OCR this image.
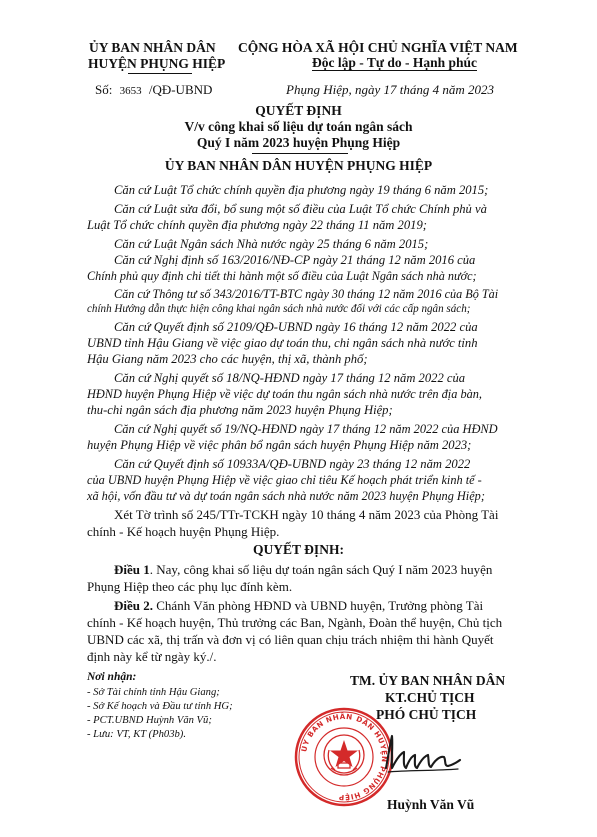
ỦY BAN NHÂN DÂN
HUYỆN PHỤNG HIỆP
CỘNG HÒA XÃ HỘI CHỦ NGHĨA VIỆT NAM
Độc lập - Tự do - Hạnh phúc
Số: 3653 /QĐ-UBND	Phụng Hiệp, ngày 17 tháng 4 năm 2023
QUYẾT ĐỊNH
V/v công khai số liệu dự toán ngân sách
Quý I năm 2023 huyện Phụng Hiệp
ỦY BAN NHÂN DÂN HUYỆN PHỤNG HIỆP
Căn cứ Luật Tổ chức chính quyền địa phương ngày 19 tháng 6 năm 2015;
Căn cứ Luật sửa đổi, bổ sung một số điều của Luật Tổ chức Chính phủ và
Luật Tổ chức chính quyền địa phương ngày 22 tháng 11 năm 2019;
Căn cứ Luật Ngân sách Nhà nước ngày 25 tháng 6 năm 2015;
Căn cứ Nghị định số 163/2016/NĐ-CP ngày 21 tháng 12 năm 2016 của
Chính phủ quy định chi tiết thi hành một số điều của Luật Ngân sách nhà nước;
Căn cứ Thông tư số 343/2016/TT-BTC ngày 30 tháng 12 năm 2016 của Bộ Tài
chính Hướng dẫn thực hiện công khai ngân sách nhà nước đối với các cấp ngân sách;
Căn cứ Quyết định số 2109/QĐ-UBND ngày 16 tháng 12 năm 2022 của
UBND tỉnh Hậu Giang về việc giao dự toán thu, chi ngân sách nhà nước tỉnh
Hậu Giang năm 2023 cho các huyện, thị xã, thành phố;
Căn cứ Nghị quyết số 18/NQ-HĐND ngày 17 tháng 12 năm 2022 của
HĐND huyện Phụng Hiệp về việc dự toán thu ngân sách nhà nước trên địa bàn,
thu-chi ngân sách địa phương năm 2023 huyện Phụng Hiệp;
Căn cứ Nghị quyết số 19/NQ-HĐND ngày 17 tháng 12 năm 2022 của HĐND
huyện Phụng Hiệp về việc phân bổ ngân sách huyện Phụng Hiệp năm 2023;
Căn cứ Quyết định số 10933A/QĐ-UBND ngày 23 tháng 12 năm 2022
của UBND huyện Phụng Hiệp về việc giao chỉ tiêu Kế hoạch phát triển kinh tế -
xã hội, vốn đầu tư và dự toán ngân sách nhà nước năm 2023 huyện Phụng Hiệp;
Xét Tờ trình số 245/TTr-TCKH ngày 10 tháng 4 năm 2023 của Phòng Tài
chính - Kế hoạch huyện Phụng Hiệp.
QUYẾT ĐỊNH:
Điều 1. Nay, công khai số liệu dự toán ngân sách Quý I năm 2023 huyện
Phụng Hiệp theo các phụ lục đính kèm.
Điều 2. Chánh Văn phòng HĐND và UBND huyện, Trưởng phòng Tài
chính - Kế hoạch huyện, Thủ trưởng các Ban, Ngành, Đoàn thể huyện, Chủ tịch
UBND các xã, thị trấn và đơn vị có liên quan chịu trách nhiệm thi hành Quyết
định này kể từ ngày ký./.
Nơi nhận:
- Sở Tài chính tỉnh Hậu Giang;
- Sở Kế hoạch và Đầu tư tỉnh HG;
- PCT.UBND Huỳnh Văn Vũ;
- Lưu: VT, KT (Ph03b).
TM. ỦY BAN NHÂN DÂN
KT.CHỦ TỊCH
PHÓ CHỦ TỊCH
ỦY BAN NHÂN DÂN HUYỆN PHỤNG HIỆP	Huỳnh Văn Vũ
